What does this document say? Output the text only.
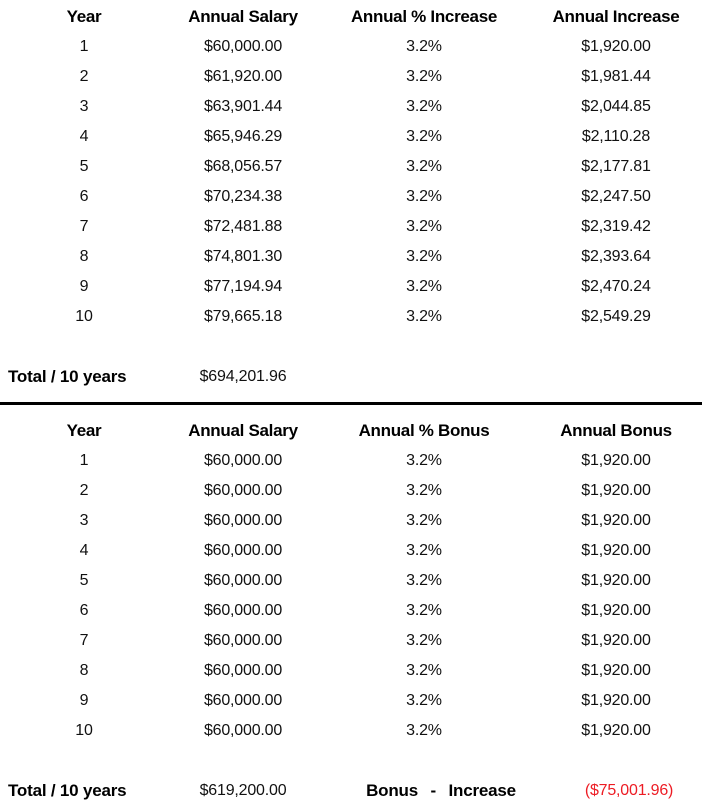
Year	Annual Salary	Annual % Increase	Annual Increase
1	$60,000.00	3.2%	$1,920.00
2	$61,920.00	3.2%	$1,981.44
3	$63,901.44	3.2%	$2,044.85
4	$65,946.29	3.2%	$2,110.28
5	$68,056.57	3.2%	$2,177.81
6	$70,234.38	3.2%	$2,247.50
7	$72,481.88	3.2%	$2,319.42
8	$74,801.30	3.2%	$2,393.64
9	$77,194.94	3.2%	$2,470.24
10	$79,665.18	3.2%	$2,549.29
Total / 10 years	$694,201.96
Year	Annual Salary	Annual % Bonus	Annual Bonus
1	$60,000.00	3.2%	$1,920.00
2	$60,000.00	3.2%	$1,920.00
3	$60,000.00	3.2%	$1,920.00
4	$60,000.00	3.2%	$1,920.00
5	$60,000.00	3.2%	$1,920.00
6	$60,000.00	3.2%	$1,920.00
7	$60,000.00	3.2%	$1,920.00
8	$60,000.00	3.2%	$1,920.00
9	$60,000.00	3.2%	$1,920.00
10	$60,000.00	3.2%	$1,920.00
Total / 10 years	$619,200.00	Bonus - Increase	($75,001.96)
